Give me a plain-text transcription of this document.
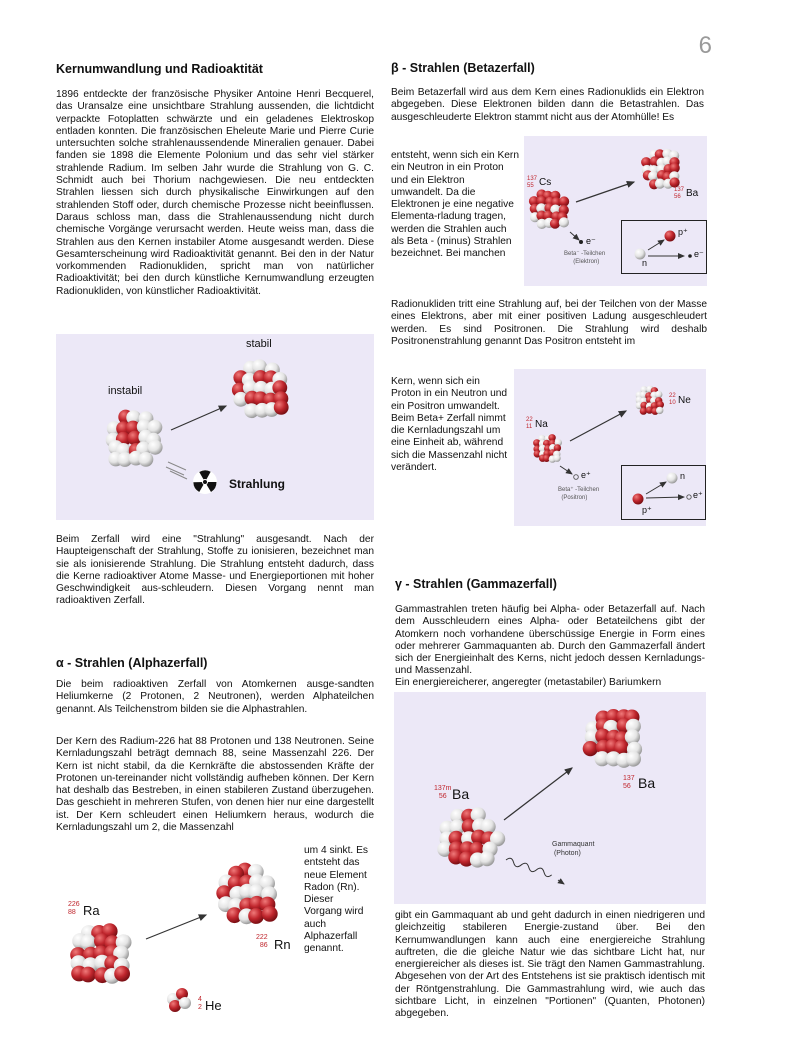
6
Kernumwandlung und Radioaktität

1896 entdeckte der französische Physiker Antoine Henri Becquerel, das Uransalze eine unsichtbare Strahlung aussenden, die lichtdicht verpackte Fotoplatten schwärzte und ein geladenes Elektroskop entladen konnten. Die französischen Eheleute Marie und Pierre Curie untersuchten solche strahlenaussendende Mineralien genauer. Dabei fanden sie 1898 die Elemente Polonium und das sehr viel stärker strahlende Radium. Im selben Jahr wurde die Strahlung von G. C. Schmidt auch bei Thorium nachgewiesen. Die neu entdeckten Strahlen liessen sich durch physikalische Einwirkungen auf den strahlenden Stoff oder, durch chemische Prozesse nicht beeinflussen. Daraus schloss man, dass die Strahlenaussendung nicht durch chemische Vorgänge verursacht werden. Heute weiss man, dass die Strahlen aus den Kernen instabiler Atome ausgesandt werden. Diese Gesamterscheinung wird Radioaktivität genannt. Bei den in der Natur vorkommenden Radionukliden, spricht man von natürlicher Radioaktivität; bei den durch künstliche Kernumwandlung erzeugten Radionukliden, von künstlicher Radioaktivität.

stabil
instabil
Strahlung

Beim Zerfall wird eine "Strahlung" ausgesandt. Nach der Haupteigenschaft der Strahlung, Stoffe zu ionisieren, bezeichnet man sie als ionisierende Strahlung. Die Strahlung entsteht dadurch, dass die Kerne radioaktiver Atome Masse- und Energieportionen mit hoher Geschwindigkeit aus-schleudern. Diesen Vorgang nennt man radioaktiven Zerfall.

α - Strahlen (Alphazerfall)

Die beim radioaktiven Zerfall von Atomkernen ausge-sandten Heliumkerne (2 Protonen, 2 Neutronen), werden Alphateilchen genannt. Als Teilchenstrom bilden sie die Alphastrahlen.

Der Kern des Radium-226 hat 88 Protonen und 138 Neutronen. Seine Kernladungszahl beträgt demnach 88, seine Massenzahl 226. Der Kern ist nicht stabil, da die Kernkräfte die abstossenden Kräfte der Protonen un-tereinander nicht vollständig aufheben können. Der Kern hat deshalb das Bestreben, in einen stabileren Zustand überzugehen. Das geschieht in mehreren Stufen, von denen hier nur eine dargestellt ist. Der Kern schleudert einen Heliumkern heraus, wodurch die Kernladungszahl um 2, die Massenzahl

226
88 Ra
222
86 Rn
4
2 He

um 4 sinkt. Es entsteht das neue Element Radon (Rn). Dieser Vorgang wird auch Alphazerfall genannt.

β - Strahlen (Betazerfall)

Beim Betazerfall wird aus dem Kern eines Radionuklids ein Elektron abgegeben. Diese Elektronen bilden dann die Betastrahlen. Das ausgeschleuderte Elektron stammt nicht aus der Atomhülle! Es

entsteht, wenn sich ein Kern ein Neutron in ein Proton und ein Elektron umwandelt. Da die Elektronen je eine negative Elementa-rladung tragen, werden die Strahlen auch als Beta - (minus) Strahlen bezeichnet. Bei manchen

137
55 Cs
137
56 Ba
e⁻
Beta⁻ -Teilchen
(Elektron)
p⁺
n
e⁻

Radionukliden tritt eine Strahlung auf, bei der Teilchen von der Masse eines Elektrons, aber mit einer positiven Ladung ausgeschleudert werden. Es sind Positronen. Die Strahlung wird deshalb Positronenstrahlung genannt Das Positron entsteht im

Kern, wenn sich ein Proton in ein Neutron und ein Positron umwandelt. Beim Beta+ Zerfall nimmt die Kernladungszahl um eine Einheit ab, während sich die Massenzahl nicht verändert.

22
11 Na
22
10 Ne
e⁺
Beta⁺ -Teilchen
(Positron)
n
p⁺
e⁺
γ - Strahlen (Gammazerfall)

Gammastrahlen treten häufig bei Alpha- oder Betazerfall auf. Nach dem Ausschleudern eines Alpha- oder Betateilchens gibt der Atomkern noch vorhandene überschüssige Energie in Form eines oder mehrerer Gammaquanten ab. Durch den Gammazerfall ändert sich der Energieinhalt des Kerns, nicht jedoch dessen Kernladungs- und Massenzahl.

Ein energiereicherer, angeregter (metastabiler) Bariumkern

137m
56 Ba
137
56 Ba
Gammaquant
(Photon)

gibt ein Gammaquant ab und geht dadurch in einen niedrigeren und gleichzeitig stabileren Energie-zustand über. Bei den Kernumwandlungen kann auch eine energiereiche Strahlung auftreten, die die gleiche Natur wie das sichtbare Licht hat, nur energiereicher als dieses ist. Sie trägt den Namen Gammastrahlung. Abgesehen von der Art des Entstehens ist sie praktisch identisch mit der Röntgenstrahlung. Die Gammastrahlung wird, wie auch das sichtbare Licht, in einzelnen "Portionen" (Quanten, Photonen) abgegeben.
